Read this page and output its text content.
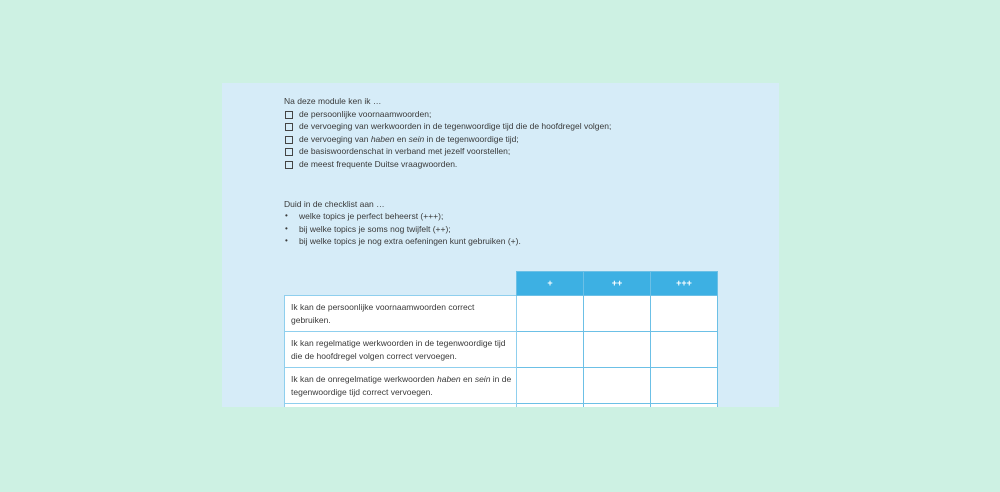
Na deze module ken ik …

de persoonlijke voornaamwoorden;
de vervoeging van werkwoorden in de tegenwoordige tijd die de hoofdregel volgen;
de vervoeging van haben en sein in de tegenwoordige tijd;
de basiswoordenschat in verband met jezelf voorstellen;
de meest frequente Duitse vraagwoorden.

Duid in de checklist aan …

• welke topics je perfect beheerst (+++);
• bij welke topics je soms nog twijfelt (++);
• bij welke topics je nog extra oefeningen kunt gebruiken (+).
	+	++	+++
Ik kan de persoonlijke voornaamwoorden correct gebruiken.			
Ik kan regelmatige werkwoorden in de tegenwoordige tijd die de hoofdregel volgen correct vervoegen.			
Ik kan de onregelmatige werkwoorden haben en sein in de tegenwoordige tijd correct vervoegen.			
